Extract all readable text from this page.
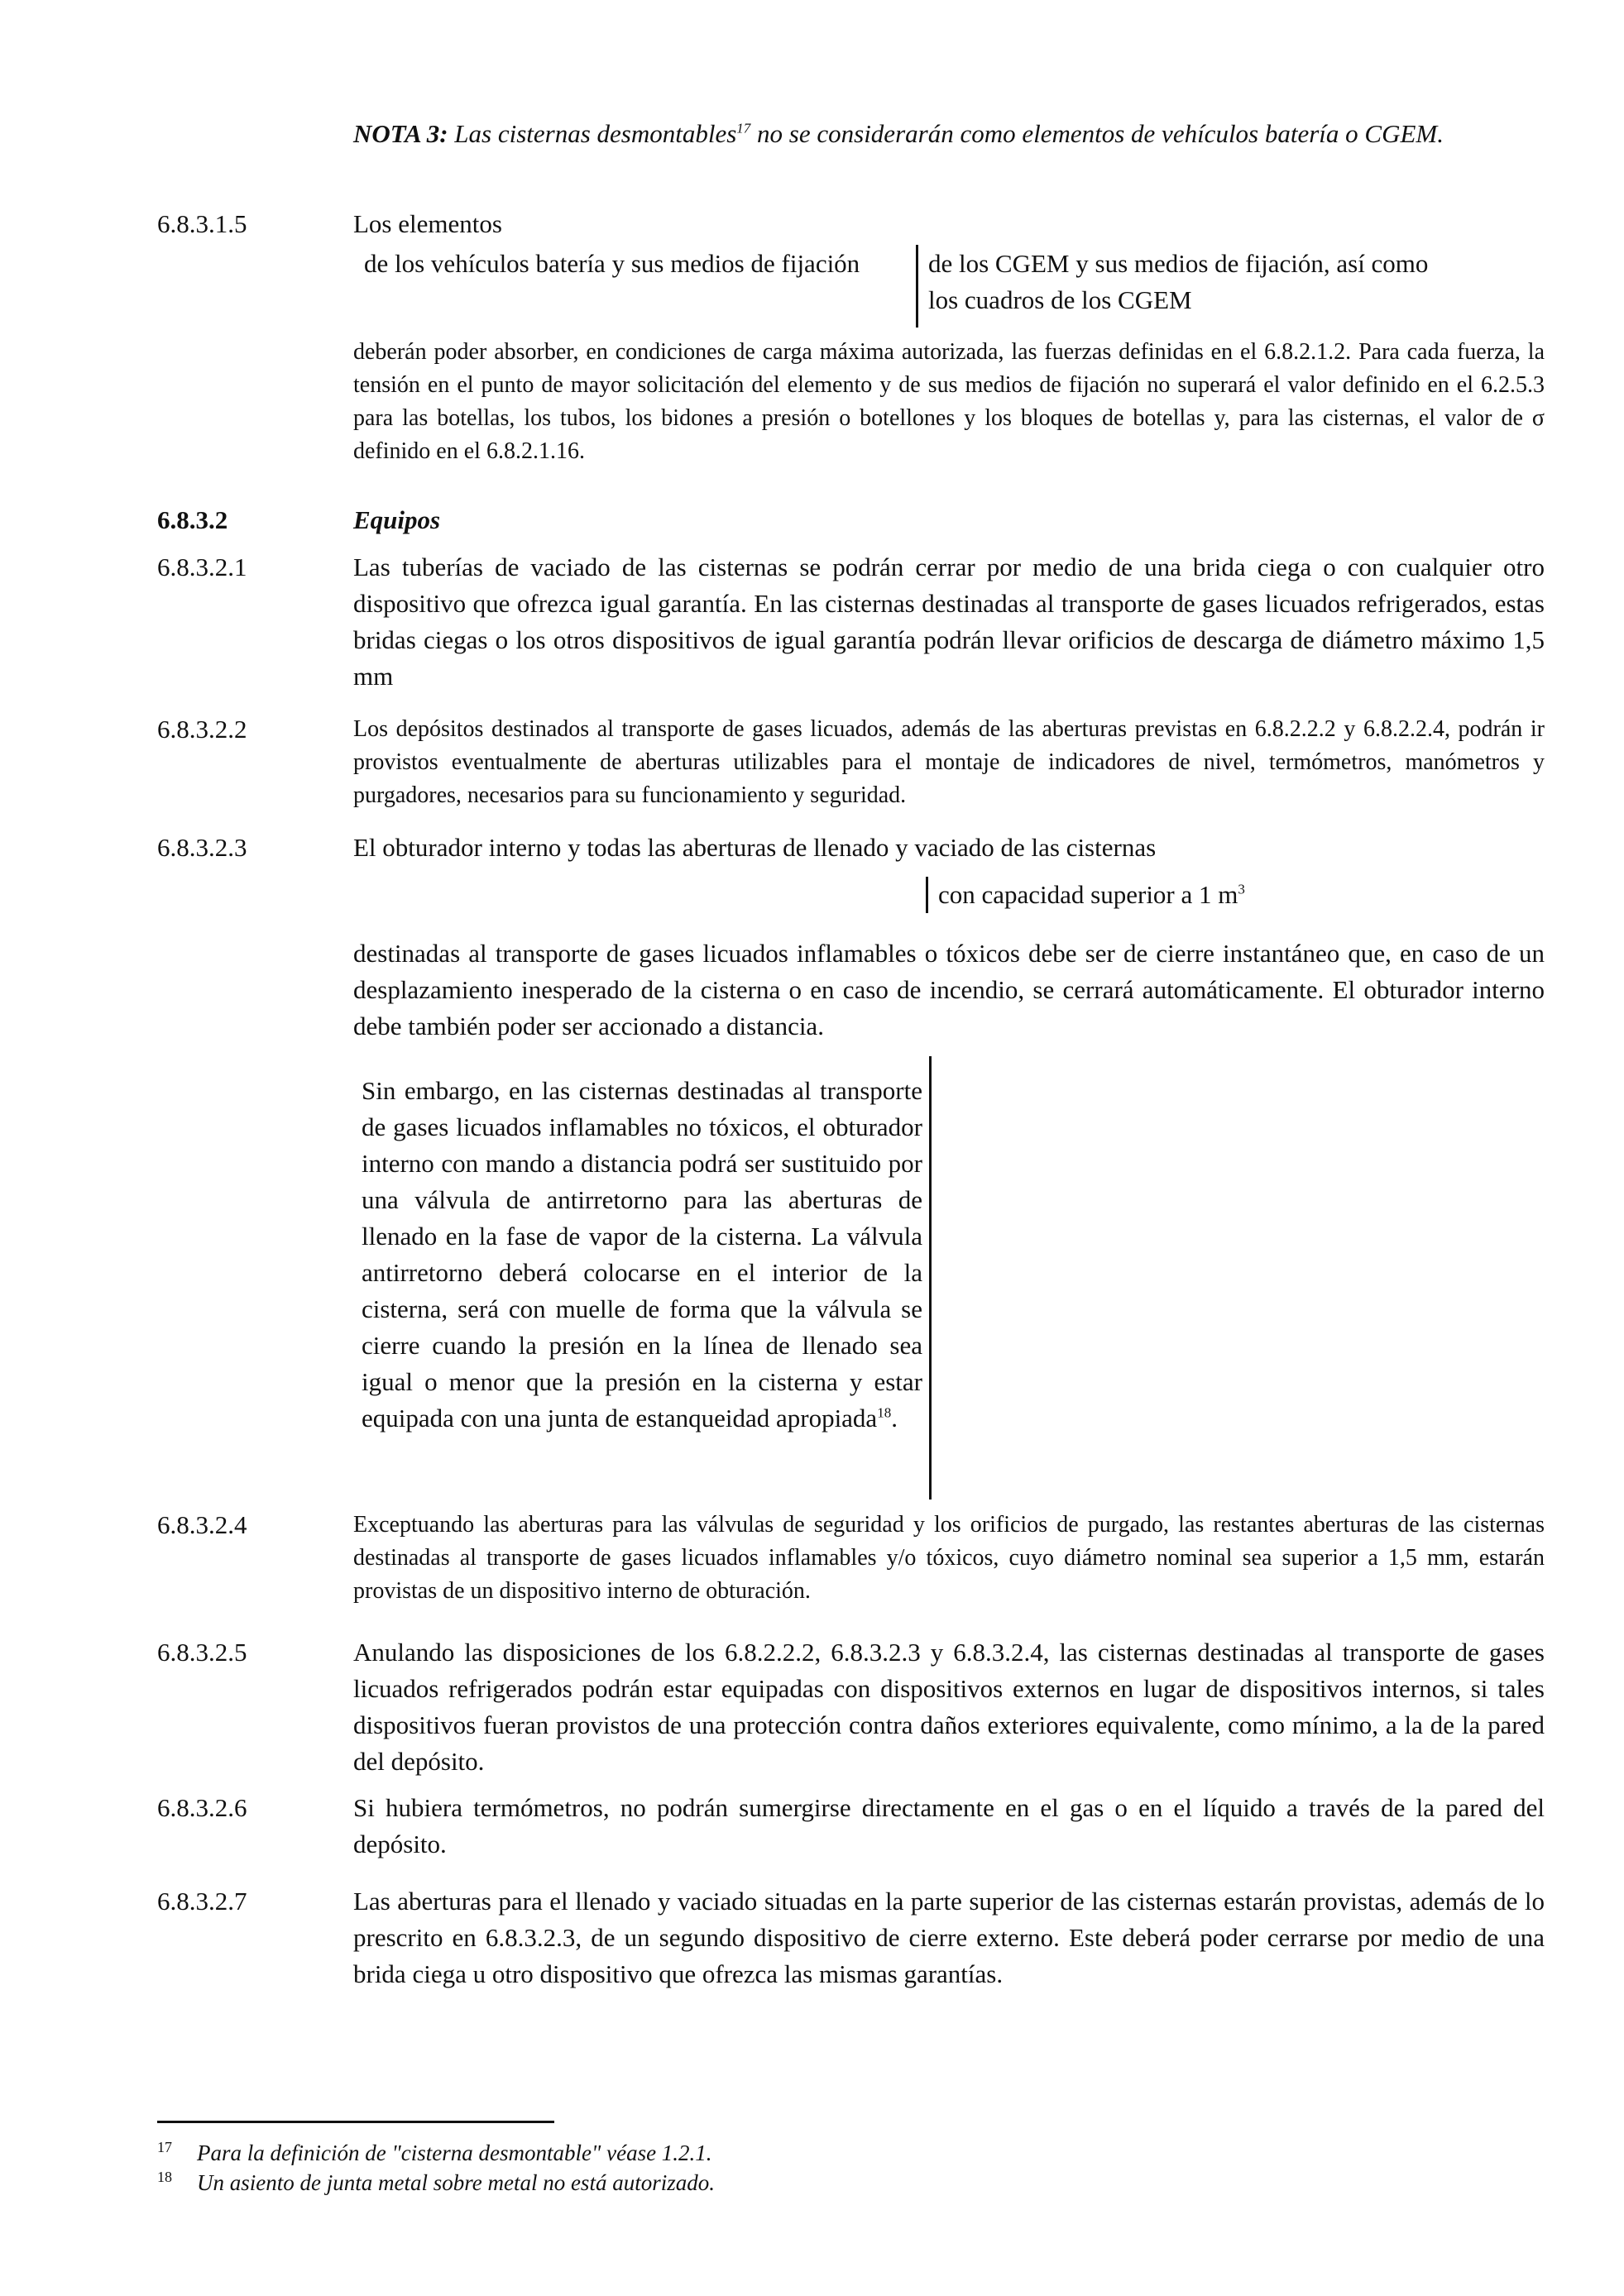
NOTA 3: Las cisternas desmontables$^{17}$ no se considerarán como elementos de vehículos batería o CGEM.
6.8.3.1.5	Los elementos
de los vehículos batería y sus medios de fijación	de los CGEM y sus medios de fijación, así como los cuadros de los CGEM
deberán poder absorber, en condiciones de carga máxima autorizada, las fuerzas definidas en el 6.8.2.1.2. Para cada fuerza, la tensión en el punto de mayor solicitación del elemento y de sus medios de fijación no superará el valor definido en el 6.2.5.3 para las botellas, los tubos, los bidones a presión o botellones y los bloques de botellas y, para las cisternas, el valor de σ definido en el 6.8.2.1.16.
6.8.3.2	Equipos
6.8.3.2.1	Las tuberías de vaciado de las cisternas se podrán cerrar por medio de una brida ciega o con cualquier otro dispositivo que ofrezca igual garantía. En las cisternas destinadas al transporte de gases licuados refrigerados, estas bridas ciegas o los otros dispositivos de igual garantía podrán llevar orificios de descarga de diámetro máximo 1,5 mm
6.8.3.2.2	Los depósitos destinados al transporte de gases licuados, además de las aberturas previstas en 6.8.2.2.2 y 6.8.2.2.4, podrán ir provistos eventualmente de aberturas utilizables para el montaje de indicadores de nivel, termómetros, manómetros y purgadores, necesarios para su funcionamiento y seguridad.
6.8.3.2.3	El obturador interno y todas las aberturas de llenado y vaciado de las cisternas
con capacidad superior a 1 $m^3$
destinadas al transporte de gases licuados inflamables o tóxicos debe ser de cierre instantáneo que, en caso de un desplazamiento inesperado de la cisterna o en caso de incendio, se cerrará automáticamente. El obturador interno debe también poder ser accionado a distancia.
Sin embargo, en las cisternas destinadas al transporte de gases licuados inflamables no tóxicos, el obturador interno con mando a distancia podrá ser sustituido por una válvula de antirretorno para las aberturas de llenado en la fase de vapor de la cisterna. La válvula antirretorno deberá colocarse en el interior de la cisterna, será con muelle de forma que la válvula se cierre cuando la presión en la línea de llenado sea igual o menor que la presión en la cisterna y estar equipada con una junta de estanqueidad apropiada$^{18}$.
6.8.3.2.4	Exceptuando las aberturas para las válvulas de seguridad y los orificios de purgado, las restantes aberturas de las cisternas destinadas al transporte de gases licuados inflamables y/o tóxicos, cuyo diámetro nominal sea superior a 1,5 mm, estarán provistas de un dispositivo interno de obturación.
6.8.3.2.5	Anulando las disposiciones de los 6.8.2.2.2, 6.8.3.2.3 y 6.8.3.2.4, las cisternas destinadas al transporte de gases licuados refrigerados podrán estar equipadas con dispositivos externos en lugar de dispositivos internos, si tales dispositivos fueran provistos de una protección contra daños exteriores equivalente, como mínimo, a la de la pared del depósito.
6.8.3.2.6	Si hubiera termómetros, no podrán sumergirse directamente en el gas o en el líquido a través de la pared del depósito.
6.8.3.2.7	Las aberturas para el llenado y vaciado situadas en la parte superior de las cisternas estarán provistas, además de lo prescrito en 6.8.3.2.3, de un segundo dispositivo de cierre externo. Este deberá poder cerrarse por medio de una brida ciega u otro dispositivo que ofrezca las mismas garantías.
17 Para la definición de "cisterna desmontable" véase 1.2.1.
18 Un asiento de junta metal sobre metal no está autorizado.
